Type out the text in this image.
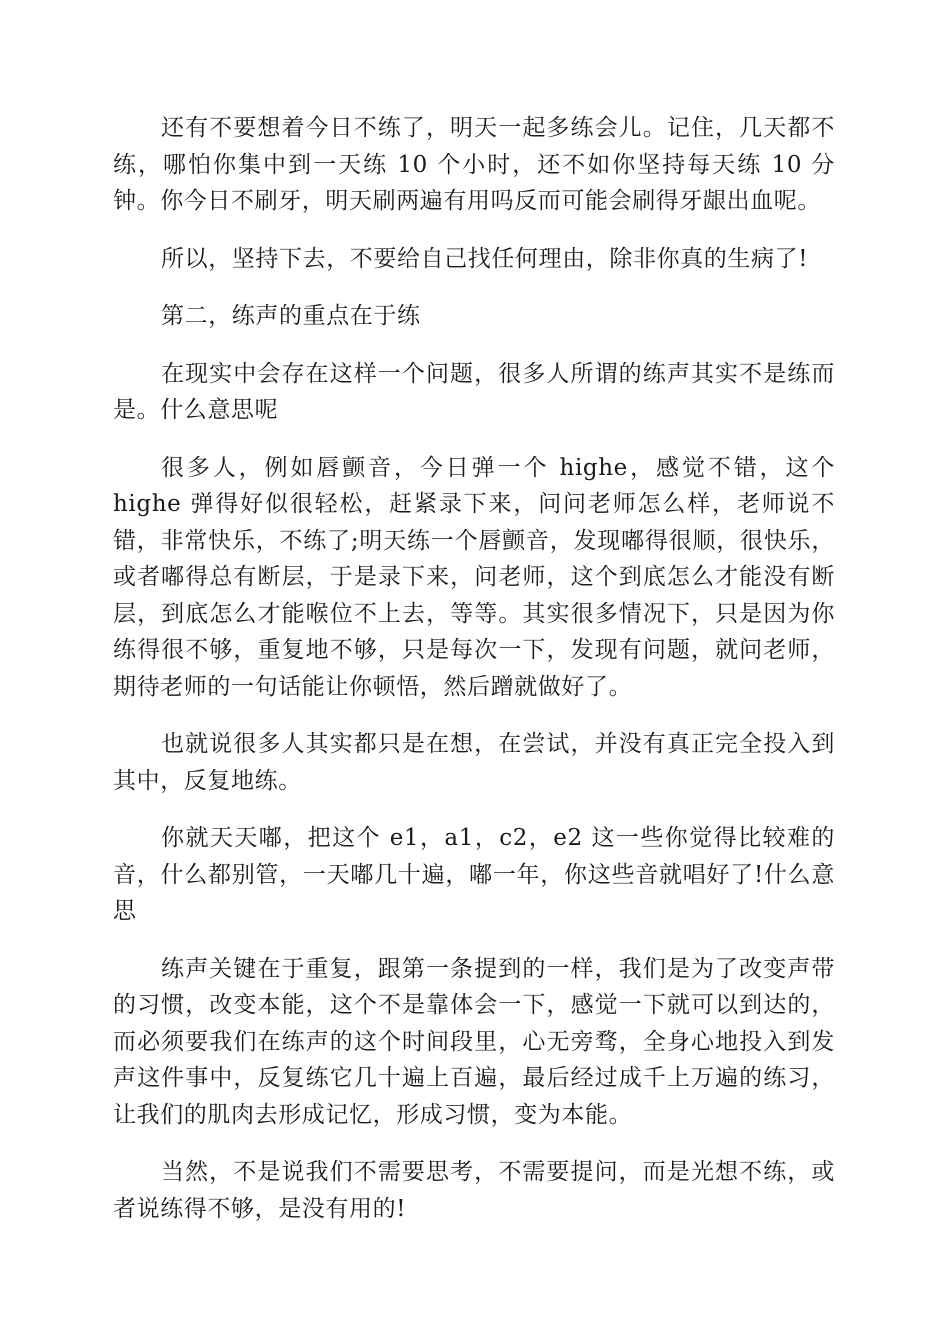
还有不要想着今日不练了，明天一起多练会儿。记住，几天都不练，哪怕你集中到一天练 10 个小时，还不如你坚持每天练 10 分钟。你今日不刷牙，明天刷两遍有用吗反而可能会刷得牙龈出血呢。

所以，坚持下去，不要给自己找任何理由，除非你真的生病了!

第二，练声的重点在于练

在现实中会存在这样一个问题，很多人所谓的练声其实不是练而是。什么意思呢

很多人，例如唇颤音，今日弹一个 highe，感觉不错，这个 highe 弹得好似很轻松，赶紧录下来，问问老师怎么样，老师说不错，非常快乐，不练了;明天练一个唇颤音，发现嘟得很顺，很快乐，或者嘟得总有断层，于是录下来，问老师，这个到底怎么才能没有断层，到底怎么才能喉位不上去，等等。其实很多情况下，只是因为你练得很不够，重复地不够，只是每次一下，发现有问题，就问老师，期待老师的一句话能让你顿悟，然后蹭就做好了。

也就说很多人其实都只是在想，在尝试，并没有真正完全投入到其中，反复地练。

你就天天嘟，把这个 e1，a1，c2，e2 这一些你觉得比较难的音，什么都别管，一天嘟几十遍，嘟一年，你这些音就唱好了!什么意思

练声关键在于重复，跟第一条提到的一样，我们是为了改变声带的习惯，改变本能，这个不是靠体会一下，感觉一下就可以到达的，而必须要我们在练声的这个时间段里，心无旁骛，全身心地投入到发声这件事中，反复练它几十遍上百遍，最后经过成千上万遍的练习，让我们的肌肉去形成记忆，形成习惯，变为本能。

当然，不是说我们不需要思考，不需要提问，而是光想不练，或者说练得不够，是没有用的!
